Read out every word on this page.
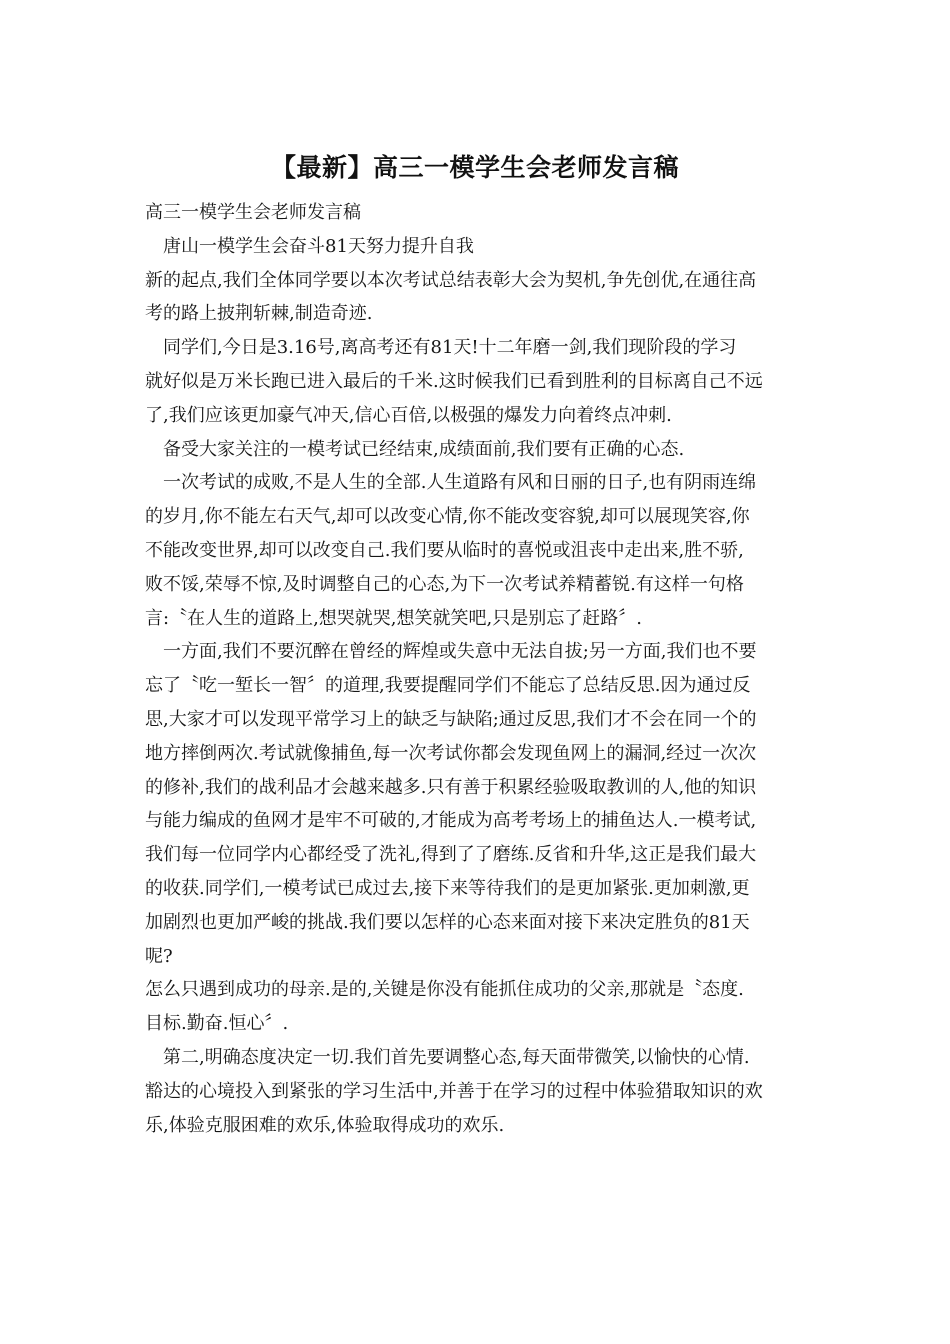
【最新】高三一模学生会老师发言稿
高三一模学生会老师发言稿
　唐山一模学生会奋斗81天努力提升自我
新的起点,我们全体同学要以本次考试总结表彰大会为契机,争先创优,在通往高
考的路上披荆斩棘,制造奇迹.
　同学们,今日是3.16号,离高考还有81天!十二年磨一剑,我们现阶段的学习
就好似是万米长跑已进入最后的千米.这时候我们已看到胜利的目标离自己不远
了,我们应该更加豪气冲天,信心百倍,以极强的爆发力向着终点冲刺.
　备受大家关注的一模考试已经结束,成绩面前,我们要有正确的心态.
　一次考试的成败,不是人生的全部.人生道路有风和日丽的日子,也有阴雨连绵
的岁月,你不能左右天气,却可以改变心情,你不能改变容貌,却可以展现笑容,你
不能改变世界,却可以改变自己.我们要从临时的喜悦或沮丧中走出来,胜不骄,
败不馁,荣辱不惊,及时调整自己的心态,为下一次考试养精蓄锐.有这样一句格
言:〝在人生的道路上,想哭就哭,想笑就笑吧,只是别忘了赶路〞.
　一方面,我们不要沉醉在曾经的辉煌或失意中无法自拔;另一方面,我们也不要
忘了〝吃一堑长一智〞的道理,我要提醒同学们不能忘了总结反思.因为通过反
思,大家才可以发现平常学习上的缺乏与缺陷;通过反思,我们才不会在同一个的
地方摔倒两次.考试就像捕鱼,每一次考试你都会发现鱼网上的漏洞,经过一次次
的修补,我们的战利品才会越来越多.只有善于积累经验吸取教训的人,他的知识
与能力编成的鱼网才是牢不可破的,才能成为高考考场上的捕鱼达人.一模考试,
我们每一位同学内心都经受了洗礼,得到了了磨练.反省和升华,这正是我们最大
的收获.同学们,一模考试已成过去,接下来等待我们的是更加紧张.更加刺激,更
加剧烈也更加严峻的挑战.我们要以怎样的心态来面对接下来决定胜负的81天
呢?
怎么只遇到成功的母亲.是的,关键是你没有能抓住成功的父亲,那就是〝态度.
目标.勤奋.恒心〞.
　第二,明确态度决定一切.我们首先要调整心态,每天面带微笑,以愉快的心情.
豁达的心境投入到紧张的学习生活中,并善于在学习的过程中体验猎取知识的欢
乐,体验克服困难的欢乐,体验取得成功的欢乐.
